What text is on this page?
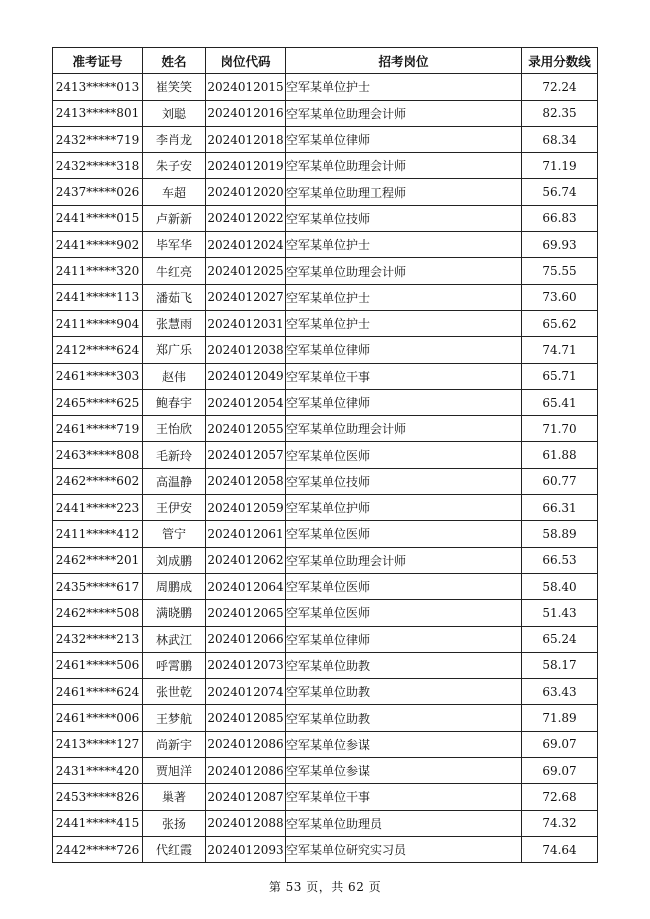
准考证号	姓名	岗位代码	招考岗位	录用分数线
2413*****013	崔笑笑	2024012015	空军某单位护士	72.24
2413*****801	刘聪	2024012016	空军某单位助理会计师	82.35
2432*****719	李肖龙	2024012018	空军某单位律师	68.34
2432*****318	朱子安	2024012019	空军某单位助理会计师	71.19
2437*****026	车超	2024012020	空军某单位助理工程师	56.74
2441*****015	卢新新	2024012022	空军某单位技师	66.83
2441*****902	毕军华	2024012024	空军某单位护士	69.93
2411*****320	牛红亮	2024012025	空军某单位助理会计师	75.55
2441*****113	潘茹飞	2024012027	空军某单位护士	73.60
2411*****904	张慧雨	2024012031	空军某单位护士	65.62
2412*****624	郑广乐	2024012038	空军某单位律师	74.71
2461*****303	赵伟	2024012049	空军某单位干事	65.71
2465*****625	鲍春宇	2024012054	空军某单位律师	65.41
2461*****719	王怡欣	2024012055	空军某单位助理会计师	71.70
2463*****808	毛新玲	2024012057	空军某单位医师	61.88
2462*****602	高温静	2024012058	空军某单位技师	60.77
2441*****223	王伊安	2024012059	空军某单位护师	66.31
2411*****412	管宁	2024012061	空军某单位医师	58.89
2462*****201	刘成鹏	2024012062	空军某单位助理会计师	66.53
2435*****617	周鹏成	2024012064	空军某单位医师	58.40
2462*****508	满晓鹏	2024012065	空军某单位医师	51.43
2432*****213	林武江	2024012066	空军某单位律师	65.24
2461*****506	呼霄鹏	2024012073	空军某单位助教	58.17
2461*****624	张世乾	2024012074	空军某单位助教	63.43
2461*****006	王梦航	2024012085	空军某单位助教	71.89
2413*****127	尚新宇	2024012086	空军某单位参谋	69.07
2431*****420	贾旭洋	2024012086	空军某单位参谋	69.07
2453*****826	巢著	2024012087	空军某单位干事	72.68
2441*****415	张扬	2024012088	空军某单位助理员	74.32
2442*****726	代红霞	2024012093	空军某单位研究实习员	74.64
第 53 页，共 62 页
